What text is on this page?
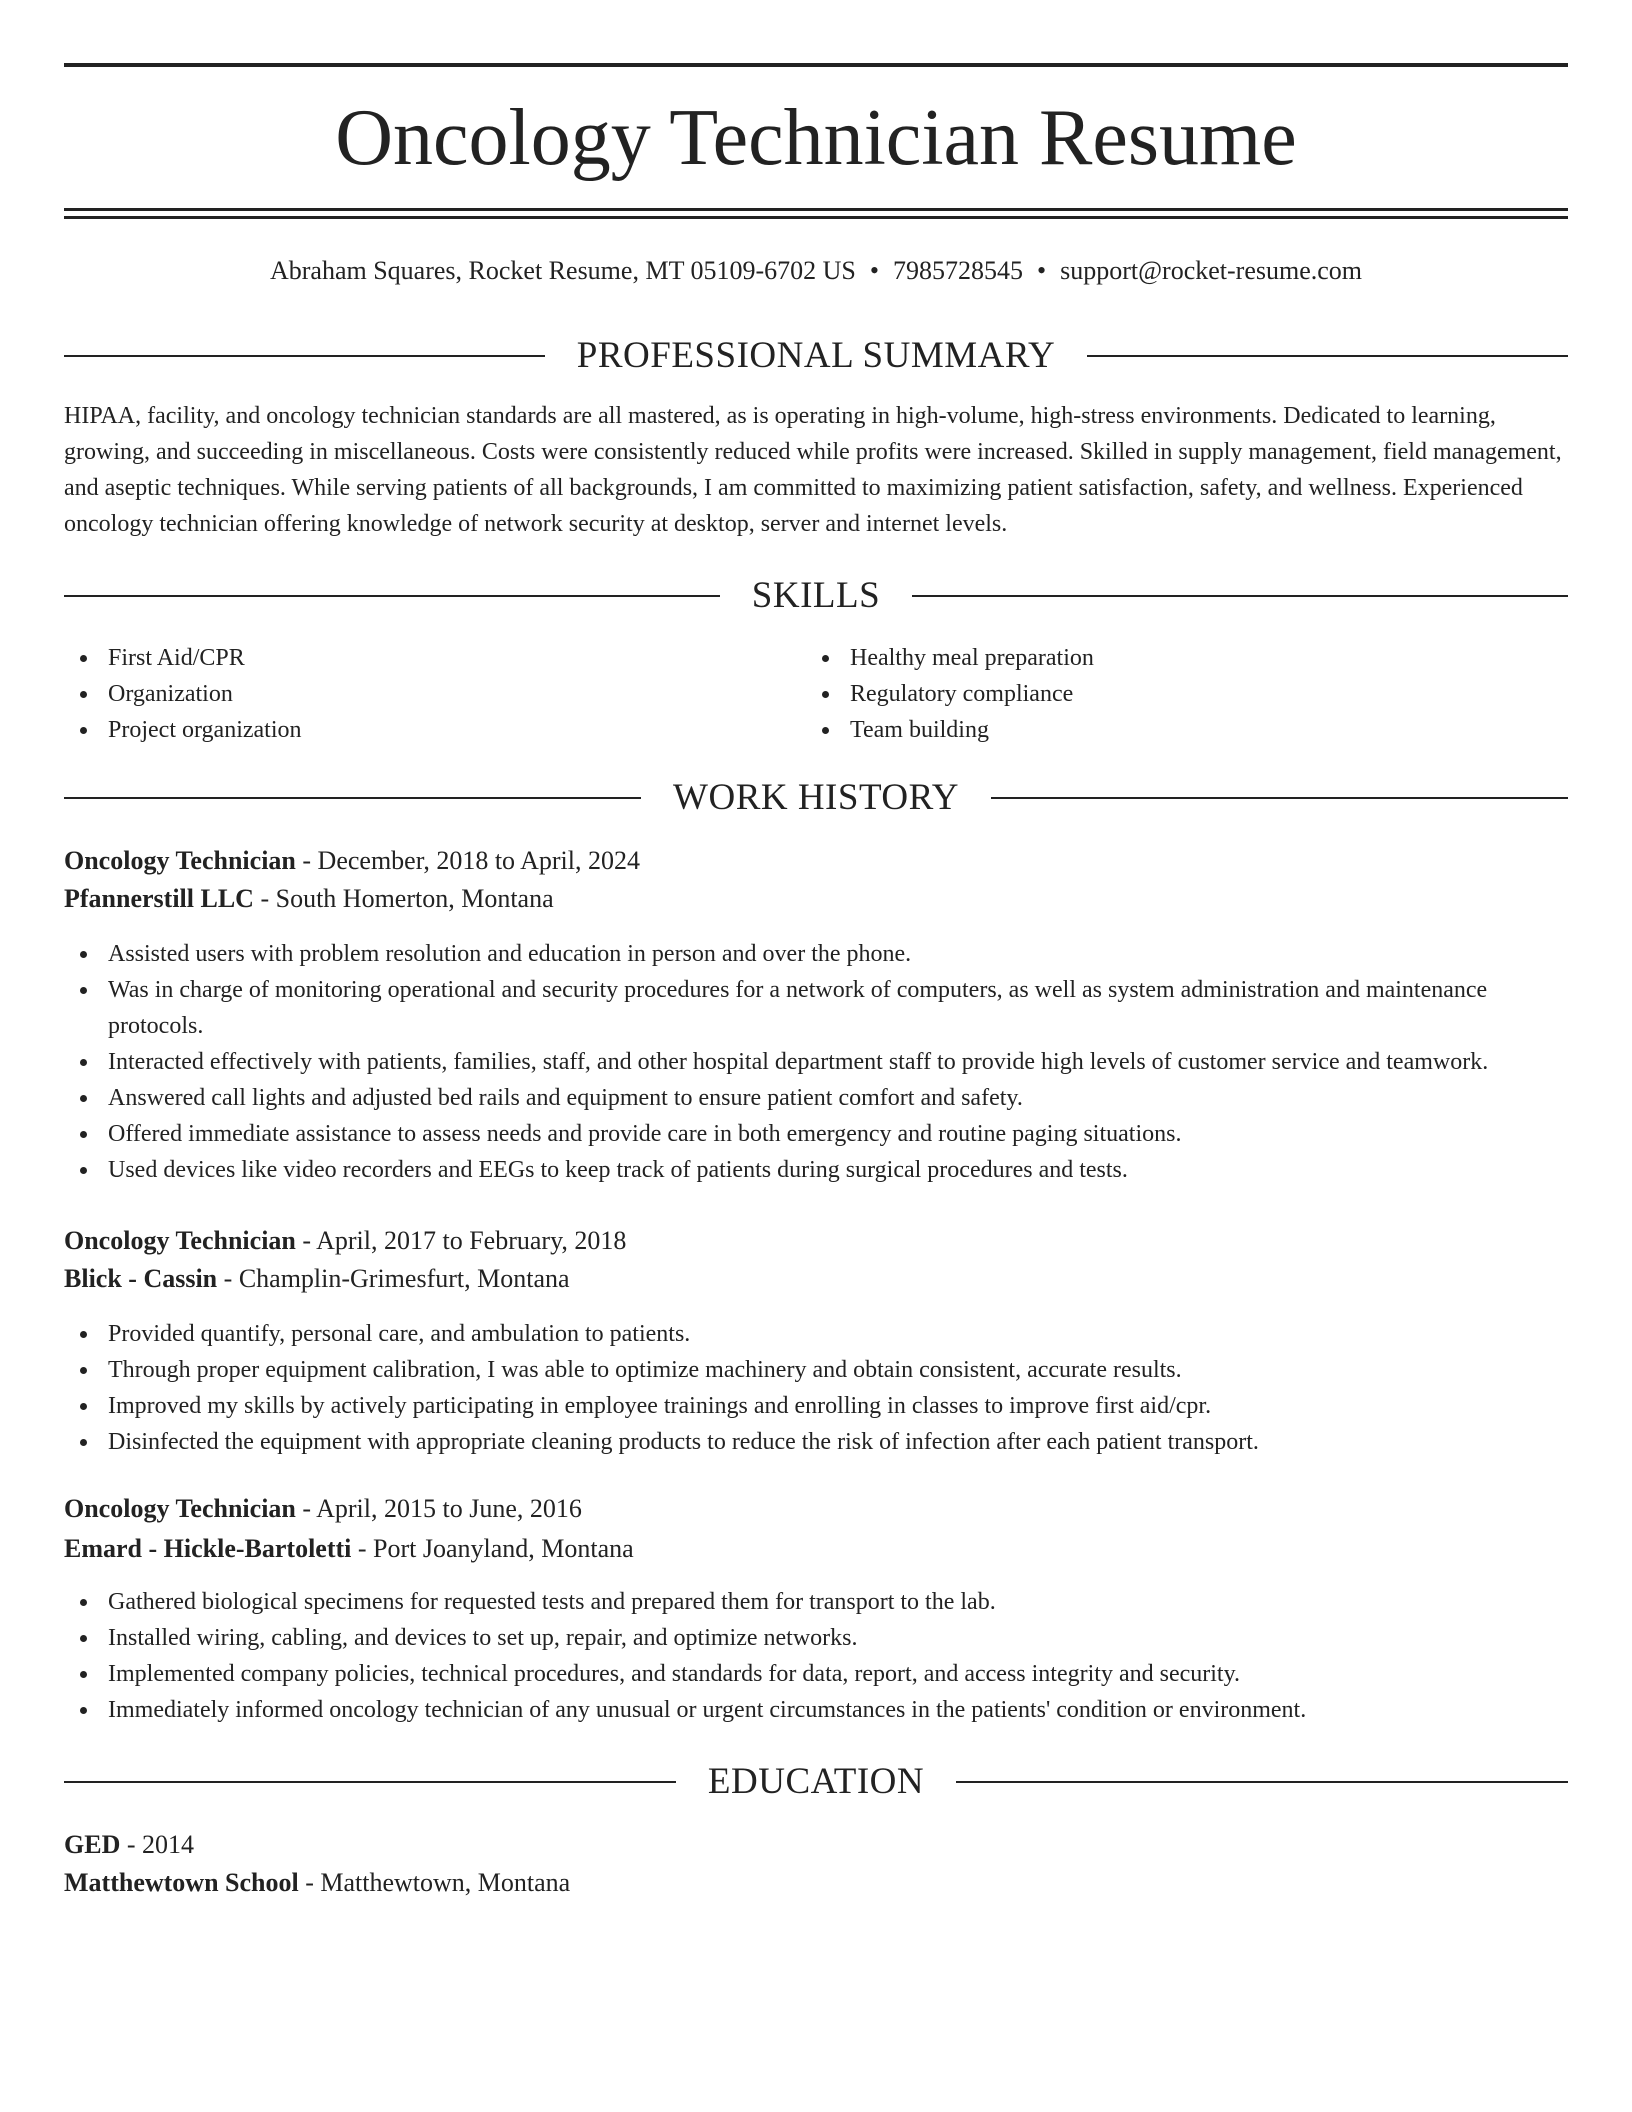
Oncology Technician Resume
Abraham Squares, Rocket Resume, MT 05109-6702 US • 7985728545 • support@rocket-resume.com
PROFESSIONAL SUMMARY
HIPAA, facility, and oncology technician standards are all mastered, as is operating in high-volume, high-stress environments. Dedicated to learning, growing, and succeeding in miscellaneous. Costs were consistently reduced while profits were increased. Skilled in supply management, field management, and aseptic techniques. While serving patients of all backgrounds, I am committed to maximizing patient satisfaction, safety, and wellness. Experienced oncology technician offering knowledge of network security at desktop, server and internet levels.
SKILLS
First Aid/CPR
Organization
Project organization
Healthy meal preparation
Regulatory compliance
Team building
WORK HISTORY
Oncology Technician - December, 2018 to April, 2024
Pfannerstill LLC - South Homerton, Montana
Assisted users with problem resolution and education in person and over the phone.
Was in charge of monitoring operational and security procedures for a network of computers, as well as system administration and maintenance protocols.
Interacted effectively with patients, families, staff, and other hospital department staff to provide high levels of customer service and teamwork.
Answered call lights and adjusted bed rails and equipment to ensure patient comfort and safety.
Offered immediate assistance to assess needs and provide care in both emergency and routine paging situations.
Used devices like video recorders and EEGs to keep track of patients during surgical procedures and tests.
Oncology Technician - April, 2017 to February, 2018
Blick - Cassin - Champlin-Grimesfurt, Montana
Provided quantify, personal care, and ambulation to patients.
Through proper equipment calibration, I was able to optimize machinery and obtain consistent, accurate results.
Improved my skills by actively participating in employee trainings and enrolling in classes to improve first aid/cpr.
Disinfected the equipment with appropriate cleaning products to reduce the risk of infection after each patient transport.
Oncology Technician - April, 2015 to June, 2016
Emard - Hickle-Bartoletti - Port Joanyland, Montana
Gathered biological specimens for requested tests and prepared them for transport to the lab.
Installed wiring, cabling, and devices to set up, repair, and optimize networks.
Implemented company policies, technical procedures, and standards for data, report, and access integrity and security.
Immediately informed oncology technician of any unusual or urgent circumstances in the patients' condition or environment.
EDUCATION
GED - 2014
Matthewtown School - Matthewtown, Montana
